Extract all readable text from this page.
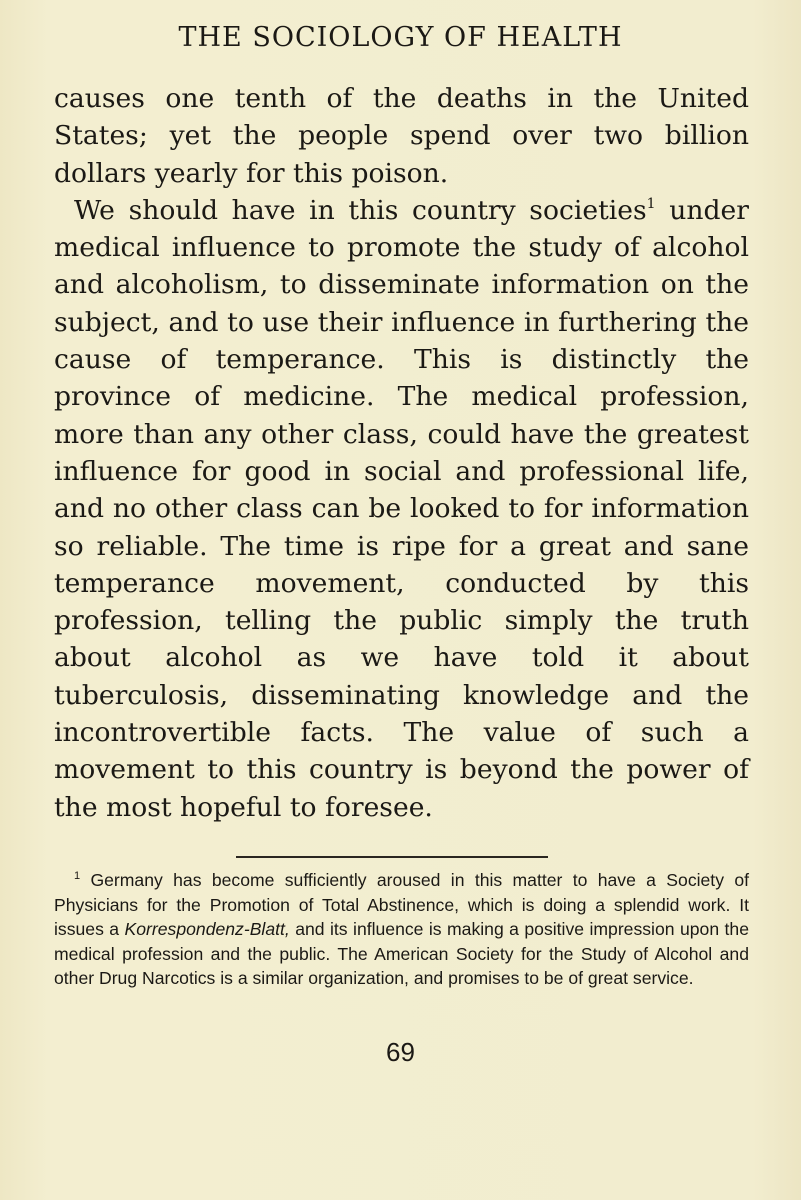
THE SOCIOLOGY OF HEALTH

causes one tenth of the deaths in the United States; yet the people spend over two billion dollars yearly for this poison.

We should have in this country societies$^1$ under medical influence to promote the study of alcohol and alcoholism, to disseminate information on the subject, and to use their influence in furthering the cause of temperance. This is distinctly the province of medicine. The medical profession, more than any other class, could have the greatest influence for good in social and professional life, and no other class can be looked to for information so reliable. The time is ripe for a great and sane temperance movement, conducted by this profession, telling the public simply the truth about alcohol as we have told it about tuberculosis, disseminating knowledge and the incontrovertible facts. The value of such a movement to this country is beyond the power of the most hopeful to foresee.

$^1$ Germany has become sufficiently aroused in this matter to have a Society of Physicians for the Promotion of Total Abstinence, which is doing a splendid work. It issues a Korrespondenz-Blatt, and its influence is making a positive impression upon the medical profession and the public. The American Society for the Study of Alcohol and other Drug Narcotics is a similar organization, and promises to be of great service.

69
